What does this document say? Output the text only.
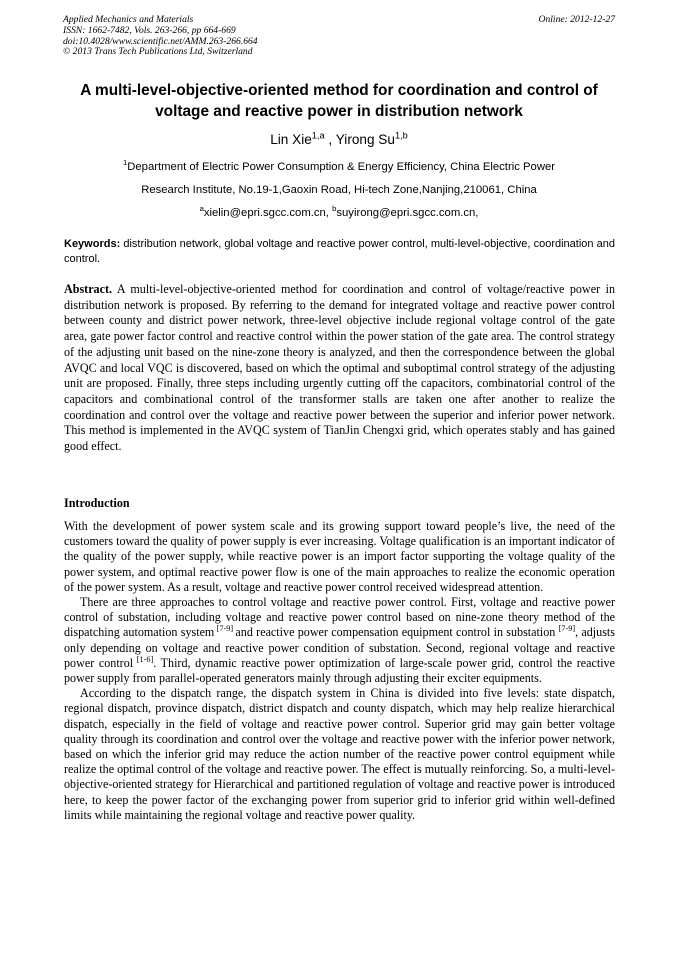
Applied Mechanics and Materials
ISSN: 1662-7482, Vols. 263-266, pp 664-669
doi:10.4028/www.scientific.net/AMM.263-266.664
© 2013 Trans Tech Publications Ltd, Switzerland
Online: 2012-12-27
A multi-level-objective-oriented method for coordination and control of
voltage and reactive power in distribution network
Lin Xie$^{1,a}$ , Yirong Su$^{1,b}$
$^1$Department of Electric Power Consumption & Energy Efficiency, China Electric Power
Research Institute, No.19-1,Gaoxin Road, Hi-tech Zone,Nanjing,210061, China
$^a$xielin@epri.sgcc.com.cn, $^b$suyirong@epri.sgcc.com.cn,
Keywords: distribution network, global voltage and reactive power control, multi-level-objective, coordination and control.
Abstract. A multi-level-objective-oriented method for coordination and control of voltage/reactive power in distribution network is proposed. By referring to the demand for integrated voltage and reactive power control between county and district power network, three-level objective include regional voltage control of the gate area, gate power factor control and reactive control within the power station of the gate area. The control strategy of the adjusting unit based on the nine-zone theory is analyzed, and then the correspondence between the global AVQC and local VQC is discovered, based on which the optimal and suboptimal control strategy of the adjusting unit are proposed. Finally, three steps including urgently cutting off the capacitors, combinatorial control of the capacitors and combinational control of the transformer stalls are taken one after another to realize the coordination and control over the voltage and reactive power between the superior and inferior power network. This method is implemented in the AVQC system of TianJin Chengxi grid, which operates stably and has gained good effect.
Introduction

With the development of power system scale and its growing support toward people’s live, the need of the customers toward the quality of power supply is ever increasing. Voltage qualification is an important indicator of the quality of the power supply, while reactive power is an import factor supporting the voltage quality of the power system, and optimal reactive power flow is one of the main approaches to realize the economic operation of the power system. As a result, voltage and reactive power control received widespread attention.

There are three approaches to control voltage and reactive power control. First, voltage and reactive power control of substation, including voltage and reactive power control based on nine-zone theory method of the dispatching automation system [7-9] and reactive power compensation equipment control in substation [7-9], adjusts only depending on voltage and reactive power condition of substation. Second, regional voltage and reactive power control [1-6]. Third, dynamic reactive power optimization of large-scale power grid, control the reactive power supply from parallel-operated generators mainly through adjusting their exciter equipments.

According to the dispatch range, the dispatch system in China is divided into five levels: state dispatch, regional dispatch, province dispatch, district dispatch and county dispatch, which may help realize hierarchical dispatch, especially in the field of voltage and reactive power control. Superior grid may gain better voltage quality through its coordination and control over the voltage and reactive power with the inferior power network, based on which the inferior grid may reduce the action number of the reactive power control equipment while realize the optimal control of the voltage and reactive power. The effect is mutually reinforcing. So, a multi-level-objective-oriented strategy for Hierarchical and partitioned regulation of voltage and reactive power is introduced here, to keep the power factor of the exchanging power from superior grid to inferior grid within well-defined limits while maintaining the regional voltage and reactive power quality.
